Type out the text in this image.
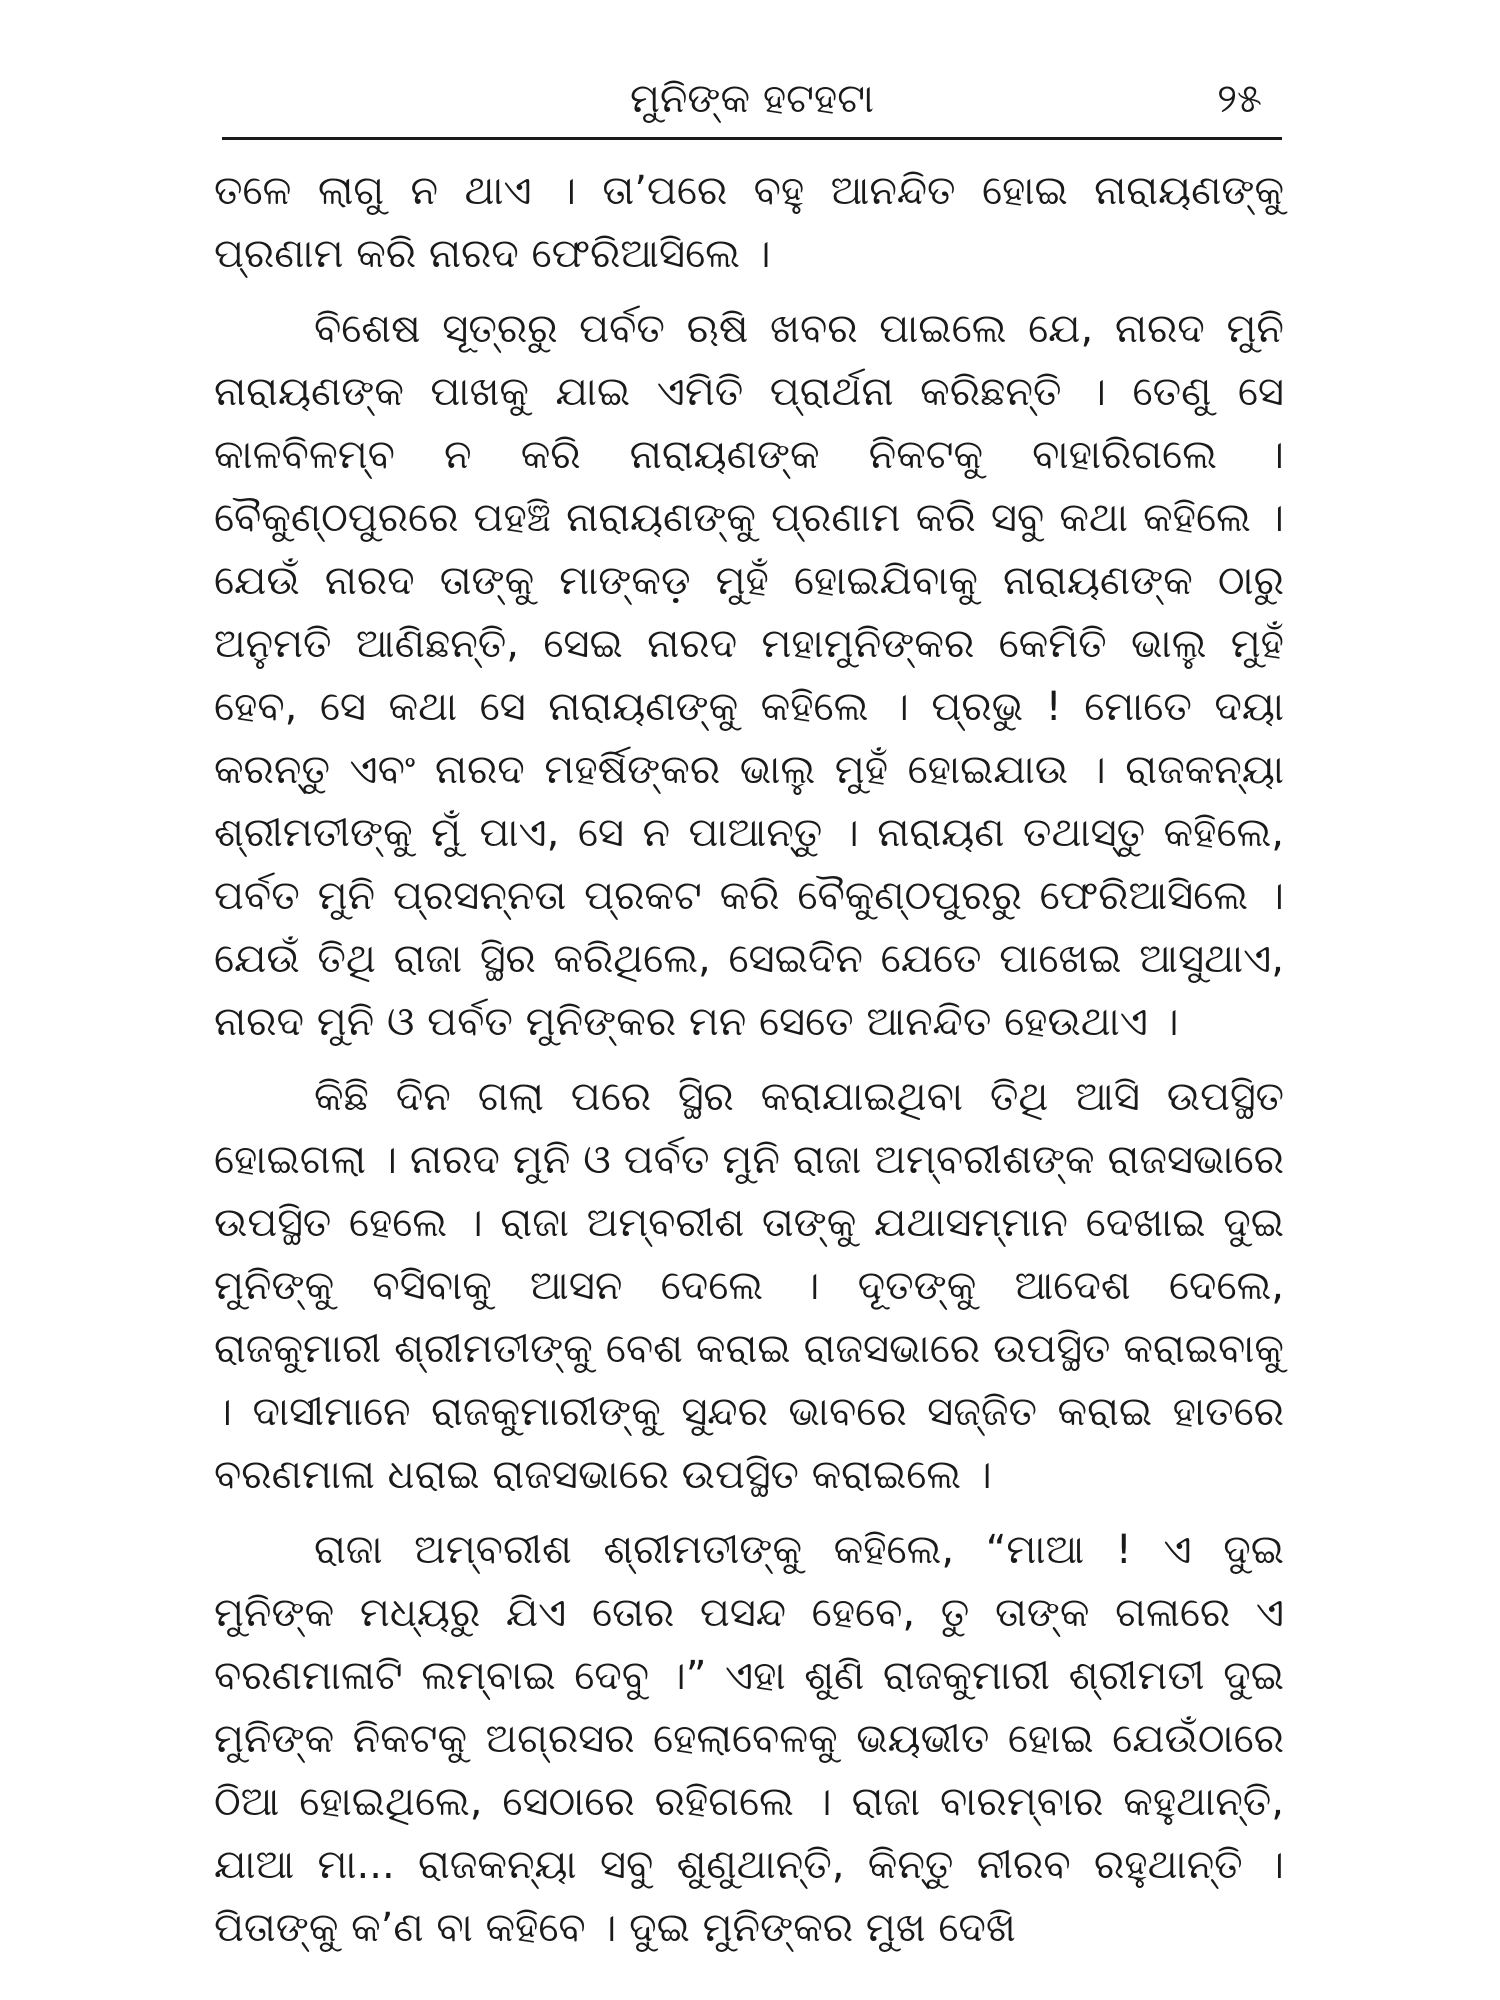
ମୁନିଙ୍କ ହଟହଟା	୨୫

ତଳେ ଲାଗୁ ନ ଥାଏ । ତା’ପରେ ବହୁ ଆନନ୍ଦିତ ହୋଇ ନାରାୟଣଙ୍କୁ ପ୍ରଣାମ କରି ନାରଦ ଫେରିଆସିଲେ ।

ବିଶେଷ ସୂତ୍ରରୁ ପର୍ବତ ଋଷି ଖବର ପାଇଲେ ଯେ, ନାରଦ ମୁନି ନାରାୟଣଙ୍କ ପାଖକୁ ଯାଇ ଏମିତି ପ୍ରାର୍ଥନା କରିଛନ୍ତି । ତେଣୁ ସେ କାଳବିଳମ୍ବ ନ କରି ନାରାୟଣଙ୍କ ନିକଟକୁ ବାହାରିଗଲେ । ବୈକୁଣ୍ଠପୁରରେ ପହଞ୍ଚି ନାରାୟଣଙ୍କୁ ପ୍ରଣାମ କରି ସବୁ କଥା କହିଲେ । ଯେଉଁ ନାରଦ ତାଙ୍କୁ ମାଙ୍କଡ଼ ମୁହଁ ହୋଇଯିବାକୁ ନାରାୟଣଙ୍କ ଠାରୁ ଅନୁମତି ଆଣିଛନ୍ତି, ସେଇ ନାରଦ ମହାମୁନିଙ୍କର କେମିତି ଭାଲୁ ମୁହଁ ହେବ, ସେ କଥା ସେ ନାରାୟଣଙ୍କୁ କହିଲେ । ପ୍ରଭୁ ! ମୋତେ ଦୟା କରନ୍ତୁ ଏବଂ ନାରଦ ମହର୍ଷିଙ୍କର ଭାଲୁ ମୁହଁ ହୋଇଯାଉ । ରାଜକନ୍ୟା ଶ୍ରୀମତୀଙ୍କୁ ମୁଁ ପାଏ, ସେ ନ ପାଆନ୍ତୁ । ନାରାୟଣ ତଥାସ୍ତୁ କହିଲେ, ପର୍ବତ ମୁନି ପ୍ରସନ୍ନତା ପ୍ରକଟ କରି ବୈକୁଣ୍ଠପୁରରୁ ଫେରିଆସିଲେ । ଯେଉଁ ତିଥି ରାଜା ସ୍ଥିର କରିଥିଲେ, ସେଇଦିନ ଯେତେ ପାଖେଇ ଆସୁଥାଏ, ନାରଦ ମୁନି ଓ ପର୍ବତ ମୁନିଙ୍କର ମନ ସେତେ ଆନନ୍ଦିତ ହେଉଥାଏ ।

କିଛି ଦିନ ଗଲା ପରେ ସ୍ଥିର କରାଯାଇଥିବା ତିଥି ଆସି ଉପସ୍ଥିତ ହୋଇଗଲା । ନାରଦ ମୁନି ଓ ପର୍ବତ ମୁନି ରାଜା ଅମ୍ବରୀଶଙ୍କ ରାଜସଭାରେ ଉପସ୍ଥିତ ହେଲେ । ରାଜା ଅମ୍ବରୀଶ ତାଙ୍କୁ ଯଥାସମ୍ମାନ ଦେଖାଇ ଦୁଇ ମୁନିଙ୍କୁ ବସିବାକୁ ଆସନ ଦେଲେ । ଦୂତଙ୍କୁ ଆଦେଶ ଦେଲେ, ରାଜକୁମାରୀ ଶ୍ରୀମତୀଙ୍କୁ ବେଶ କରାଇ ରାଜସଭାରେ ଉପସ୍ଥିତ କରାଇବାକୁ । ଦାସୀମାନେ ରାଜକୁମାରୀଙ୍କୁ ସୁନ୍ଦର ଭାବରେ ସଜ୍ଜିତ କରାଇ ହାତରେ ବରଣମାଳା ଧରାଇ ରାଜସଭାରେ ଉପସ୍ଥିତ କରାଇଲେ ।

ରାଜା ଅମ୍ବରୀଶ ଶ୍ରୀମତୀଙ୍କୁ କହିଲେ, “ମାଆ ! ଏ ଦୁଇ ମୁନିଙ୍କ ମଧ୍ୟରୁ ଯିଏ ତୋର ପସନ୍ଦ ହେବେ, ତୁ ତାଙ୍କ ଗଳାରେ ଏ ବରଣମାଳାଟି ଲମ୍ବାଇ ଦେବୁ ।” ଏହା ଶୁଣି ରାଜକୁମାରୀ ଶ୍ରୀମତୀ ଦୁଇ ମୁନିଙ୍କ ନିକଟକୁ ଅଗ୍ରସର ହେଲାବେଳକୁ ଭୟଭୀତ ହୋଇ ଯେଉଁଠାରେ ଠିଆ ହୋଇଥିଲେ, ସେଠାରେ ରହିଗଲେ । ରାଜା ବାରମ୍ବାର କହୁଥାନ୍ତି, ଯାଆ ମା... ରାଜକନ୍ୟା ସବୁ ଶୁଣୁଥାନ୍ତି, କିନ୍ତୁ ନୀରବ ରହୁଥାନ୍ତି । ପିତାଙ୍କୁ କ’ଣ ବା କହିବେ । ଦୁଇ ମୁନିଙ୍କର ମୁଖ ଦେଖି
